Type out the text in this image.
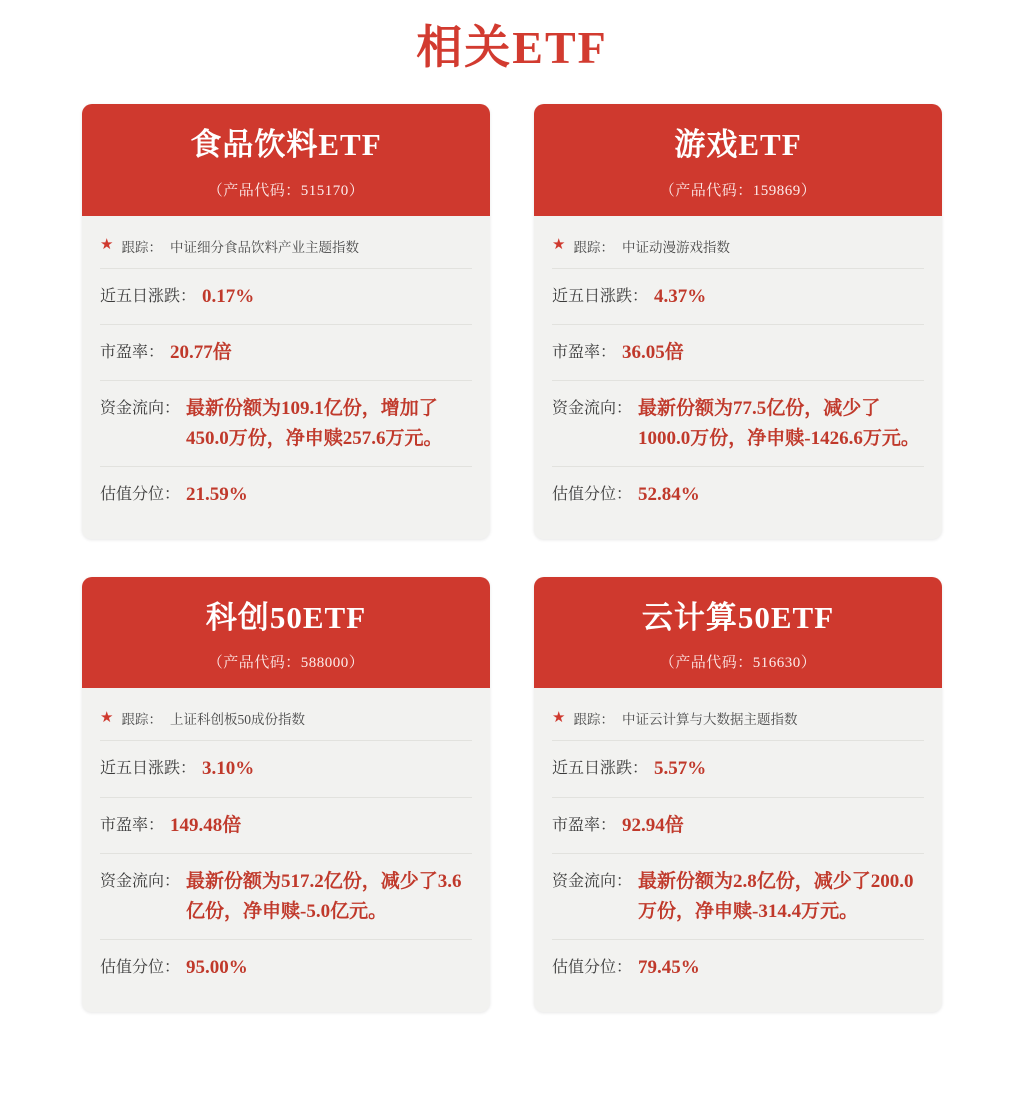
相关ETF
食品饮料ETF
（产品代码：515170）
★ 跟踪： 中证细分食品饮料产业主题指数
近五日涨跌： 0.17%
市盈率： 20.77倍
资金流向： 最新份额为109.1亿份，增加了450.0万份，净申赎257.6万元。
估值分位： 21.59%
游戏ETF
（产品代码：159869）
★ 跟踪： 中证动漫游戏指数
近五日涨跌： 4.37%
市盈率： 36.05倍
资金流向： 最新份额为77.5亿份，减少了1000.0万份，净申赎-1426.6万元。
估值分位： 52.84%
科创50ETF
（产品代码：588000）
★ 跟踪： 上证科创板50成份指数
近五日涨跌： 3.10%
市盈率： 149.48倍
资金流向： 最新份额为517.2亿份，减少了3.6亿份，净申赎-5.0亿元。
估值分位： 95.00%
云计算50ETF
（产品代码：516630）
★ 跟踪： 中证云计算与大数据主题指数
近五日涨跌： 5.57%
市盈率： 92.94倍
资金流向： 最新份额为2.8亿份，减少了200.0万份，净申赎-314.4万元。
估值分位： 79.45%
